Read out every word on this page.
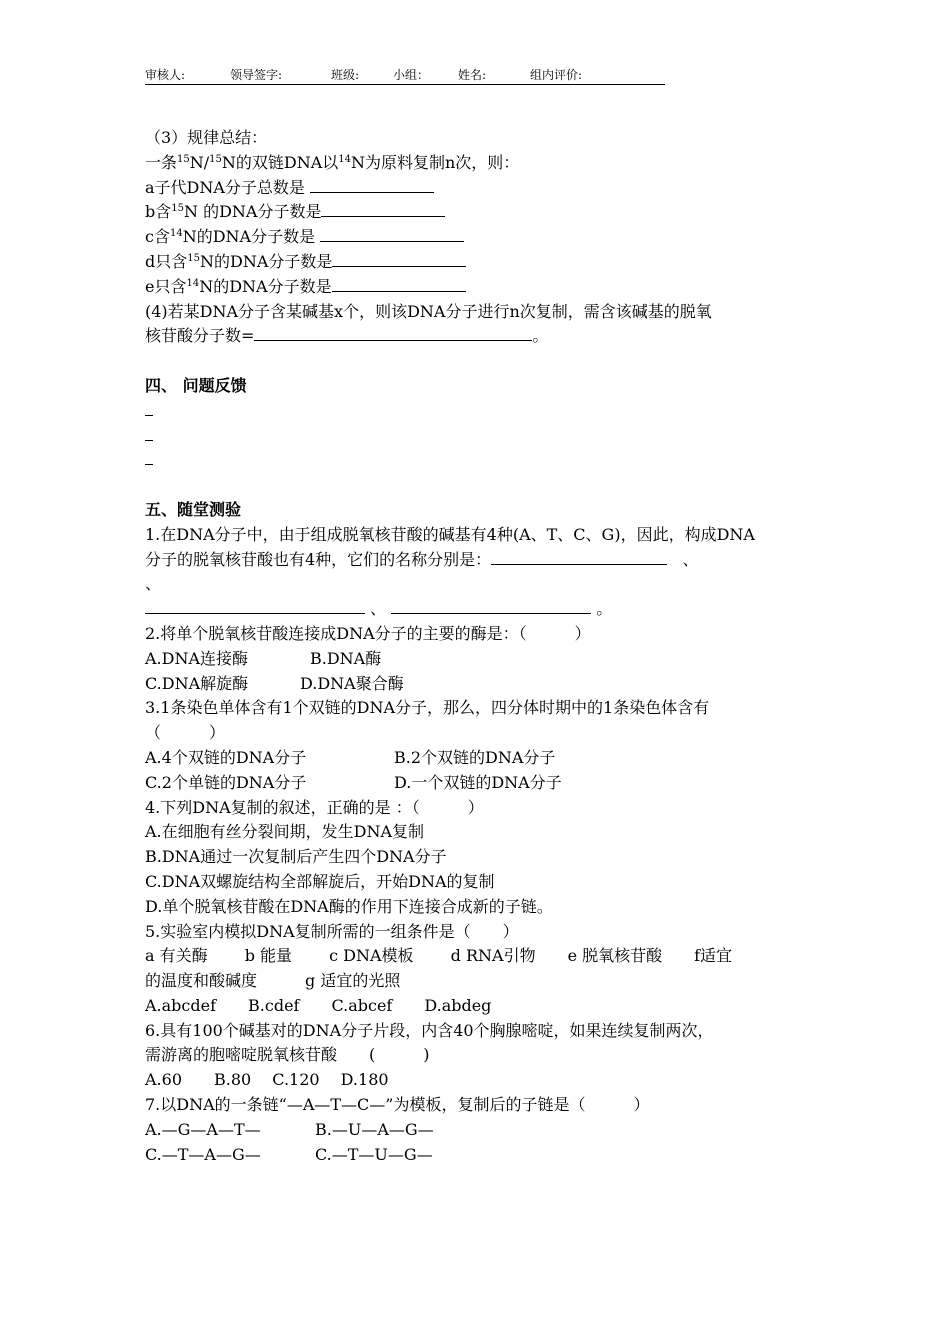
审核人:	领导签字:	班级:	小组： 姓名:	组内评价:
（3）规律总结：
一条$^{15}$N/$^{15}$N的双链DNA以$^{14}$N为原料复制n次，则：
a子代DNA分子总数是
b含$^{15}$N 的DNA分子数是
c含$^{14}$N的DNA分子数是
d只含$^{15}$N的DNA分子数是
e只含$^{14}$N的DNA分子数是
(4)若某DNA分子含某碱基x个，则该DNA分子进行n次复制，需含该碱基的脱氧
核苷酸分子数=	。
四、 问题反馈
五、随堂测验
1.在DNA分子中，由于组成脱氧核苷酸的碱基有4种(A、T、C、G)，因此，构成DNA
分子的脱氧核苷酸也有4种，它们的名称分别是：	、
、
、	。
2.将单个脱氧核苷酸连接成DNA分子的主要的酶是：（　　　）
A.DNA连接酶	B.DNA酶
C.DNA解旋酶	D.DNA聚合酶
3.1条染色单体含有1个双链的DNA分子，那么，四分体时期中的1条染色体含有
（　　　）
A.4个双链的DNA分子	B.2个双链的DNA分子
C.2个单链的DNA分子	D.一个双链的DNA分子
4.下列DNA复制的叙述，正确的是 ：（　　　）
A.在细胞有丝分裂间期，发生DNA复制
B.DNA通过一次复制后产生四个DNA分子
C.DNA双螺旋结构全部解旋后，开始DNA的复制
D.单个脱氧核苷酸在DNA酶的作用下连接合成新的子链。
5.实验室内模拟DNA复制所需的一组条件是（　　）
a 有关酶　　 b 能量　　 c DNA模板　　 d RNA引物　　e 脱氧核苷酸　　f适宜
的温度和酸碱度　　　g 适宜的光照
A.abcdef　　B.cdef　　C.abcef　　D.abdeg
6.具有100个碱基对的DNA分子片段，内含40个胸腺嘧啶，如果连续复制两次，
需游离的胞嘧啶脱氧核苷酸　　(　　　)
A.60　　B.80　 C.120　 D.180
7.以DNA的一条链“—A—T—C—”为模板，复制后的子链是（　　　）
A.—G—A—T—	B.—U—A—G—
C.—T—A—G—	C.—T—U—G—
